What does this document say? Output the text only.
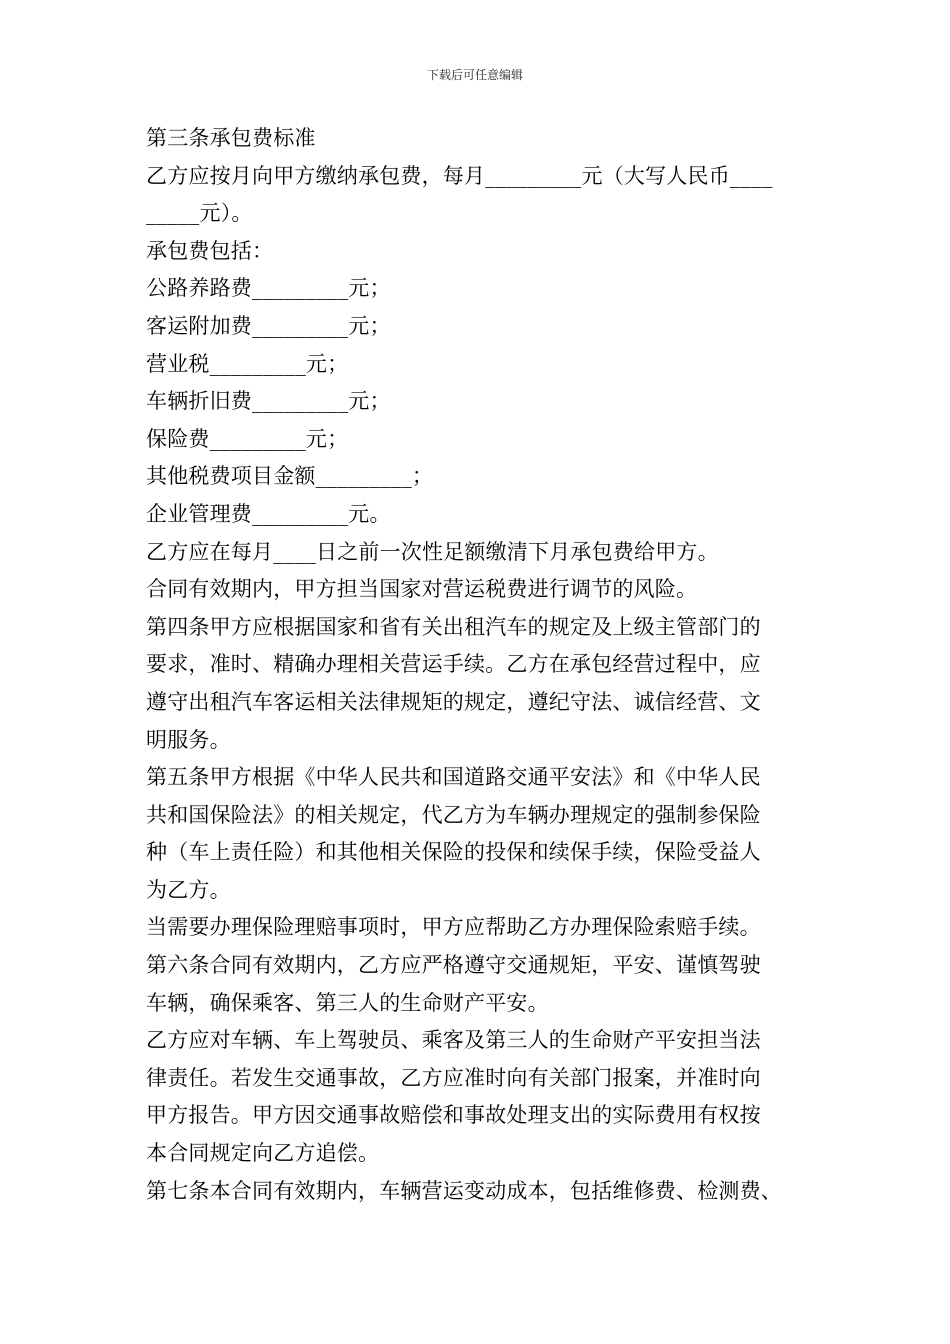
下载后可任意编辑
第三条承包费标准
乙方应按月向甲方缴纳承包费，每月_________元（大写人民币____
_____元）。
承包费包括：
公路养路费_________元；
客运附加费_________元；
营业税_________元；
车辆折旧费_________元；
保险费_________元；
其他税费项目金额_________；
企业管理费_________元。
乙方应在每月____日之前一次性足额缴清下月承包费给甲方。
合同有效期内，甲方担当国家对营运税费进行调节的风险。
第四条甲方应根据国家和省有关出租汽车的规定及上级主管部门的
要求，准时、精确办理相关营运手续。乙方在承包经营过程中，应
遵守出租汽车客运相关法律规矩的规定，遵纪守法、诚信经营、文
明服务。
第五条甲方根据《中华人民共和国道路交通平安法》和《中华人民
共和国保险法》的相关规定，代乙方为车辆办理规定的强制参保险
种（车上责任险）和其他相关保险的投保和续保手续，保险受益人
为乙方。
当需要办理保险理赔事项时，甲方应帮助乙方办理保险索赔手续。
第六条合同有效期内，乙方应严格遵守交通规矩，平安、谨慎驾驶
车辆，确保乘客、第三人的生命财产平安。
乙方应对车辆、车上驾驶员、乘客及第三人的生命财产平安担当法
律责任。若发生交通事故，乙方应准时向有关部门报案，并准时向
甲方报告。甲方因交通事故赔偿和事故处理支出的实际费用有权按
本合同规定向乙方追偿。
第七条本合同有效期内，车辆营运变动成本，包括维修费、检测费、
